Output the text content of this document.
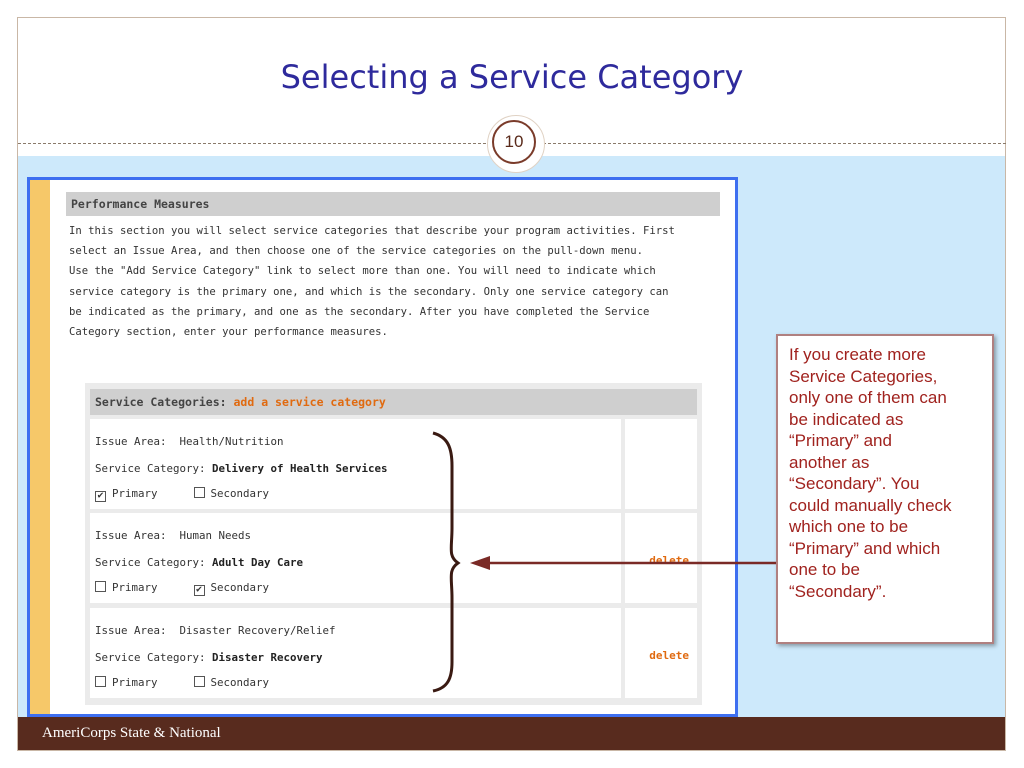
Selecting a Service Category
10
Performance Measures
In this section you will select service categories that describe your program activities. First
select an Issue Area, and then choose one of the service categories on the pull-down menu.
Use the "Add Service Category" link to select more than one. You will need to indicate which
service category is the primary one, and which is the secondary. Only one service category can
be indicated as the primary, and one as the secondary. After you have completed the Service
Category section, enter your performance measures.
Service Categories: add a service category
Issue Area: Health/Nutrition
Service Category: Delivery of Health Services
✔ Primary	Secondary
Issue Area: Human Needs
Service Category: Adult Day Care
Primary	✔ Secondary
delete
Issue Area: Disaster Recovery/Relief
Service Category: Disaster Recovery
Primary	Secondary
delete
If you create more
Service Categories,
only one of them can
be indicated as
“Primary” and
another as
“Secondary”. You
could manually check
which one to be
“Primary” and which
one to be
“Secondary”.
AmeriCorps State & National
